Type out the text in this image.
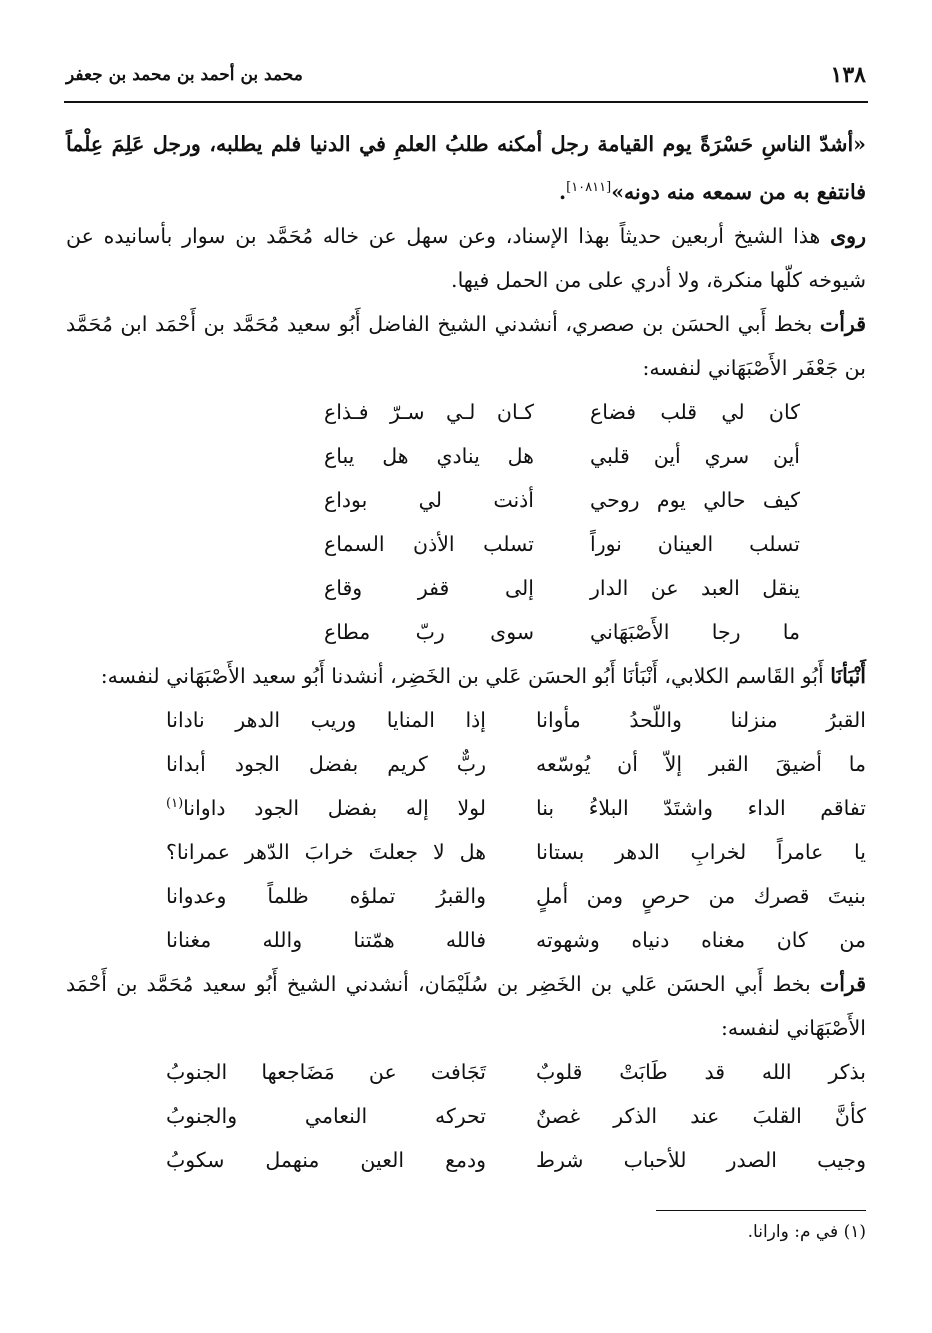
١٣٨
محمد بن أحمد بن محمد بن جعفر

«أشدّ الناسِ حَسْرَةً يوم القيامة رجل أمكنه طلبُ العلمِ في الدنيا فلم يطلبه، ورجل عَلِمَ عِلْماً فانتفع به من سمعه منه دونه»[١٠٨١١].

روى هذا الشيخ أربعين حديثاً بهذا الإسناد، وعن سهل عن خاله مُحَمَّد بن سوار بأسانيده عن شيوخه كلّها منكرة، ولا أدري على من الحمل فيها.

قرأت بخط أَبي الحسَن بن صصري، أنشدني الشيخ الفاضل أَبُو سعيد مُحَمَّد بن أَحْمَد ابن مُحَمَّد بن جَعْفَر الأَصْبَهَاني لنفسه:

كان لي قلب فضاع
كـان لـي سـرّ فـذاع
أين سري أين قلبي
هل ينادي هل يباع
كيف حالي يوم روحي
أذنت لي بوداع
تسلب العينان نوراً
تسلب الأذن السماع
ينقل العبد عن الدار
إلى قفر وقاع
ما رجا الأَصْبَهَاني
سوى ربّ مطاع

أَنْبَأنَا أَبُو القَاسم الكلابي، أَنْبَأنَا أَبُو الحسَن عَلي بن الخَضِر، أنشدنا أَبُو سعيد الأَصْبَهَاني لنفسه:

القبرُ منزلنا واللّحدُ مأوانا
إذا المنايا وريب الدهر نادانا
ما أضيقَ القبر إلاّ أن يُوسّعه
ربٌّ كريم بفضل الجود أبدانا
تفاقم الداء واشتَدّ البلاءُ بنا
لولا إله بفضل الجود داوانا$^{(١)}$
يا عامراً لخرابِ الدهر بستانا
هل لا جعلتَ خرابَ الدّهر عمرانا؟
بنيتَ قصرك من حرصٍ ومن أملٍ
والقبرُ تملؤه ظلماً وعدوانا
من كان مغناه دنياه وشهوته
فالله همّتنا والله مغنانا

قرأت بخط أَبي الحسَن عَلي بن الخَضِر بن سُلَيْمَان، أنشدني الشيخ أَبُو سعيد مُحَمَّد بن أَحْمَد الأَصْبَهَاني لنفسه:

بذكر الله قد طَابَتْ قلوبٌ
تَجَافت عن مَضَاجعها الجنوبُ
كأنَّ القلبَ عند الذكر غصنٌ
تحركه النعامي والجنوبُ
وجيب الصدر للأحباب شرط
ودمع العين منهمل سكوبُ
(١) في م: وارانا.
